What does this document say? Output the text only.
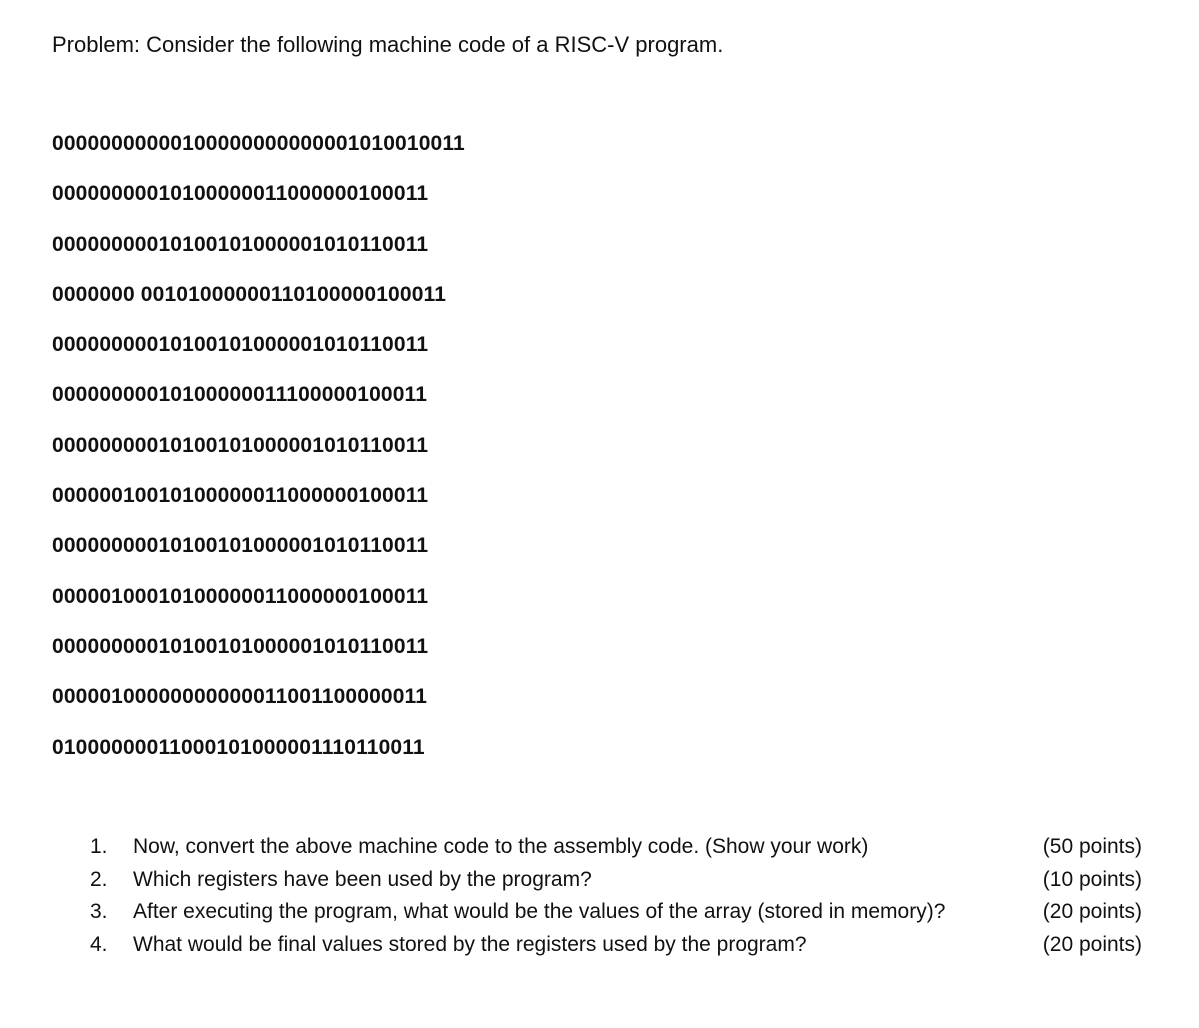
Problem: Consider the following machine code of a RISC-V program.
00000000000100000000000001010010011
00000000010100000011000000100011
00000000010100101000001010110011
0000000 00101000000110100000100011
00000000010100101000001010110011
00000000010100000011100000100011
00000000010100101000001010110011
00000010010100000011000000100011
00000000010100101000001010110011
00000100010100000011000000100011
00000000010100101000001010110011
00000100000000000011001100000011
01000000011000101000001110110011
1.	Now, convert the above machine code to the assembly code. (Show your work)	(50 points)
2.	Which registers have been used by the program?	(10 points)
3.	After executing the program, what would be the values of the array (stored in memory)?	(20 points)
4.	What would be final values stored by the registers used by the program?	(20 points)
